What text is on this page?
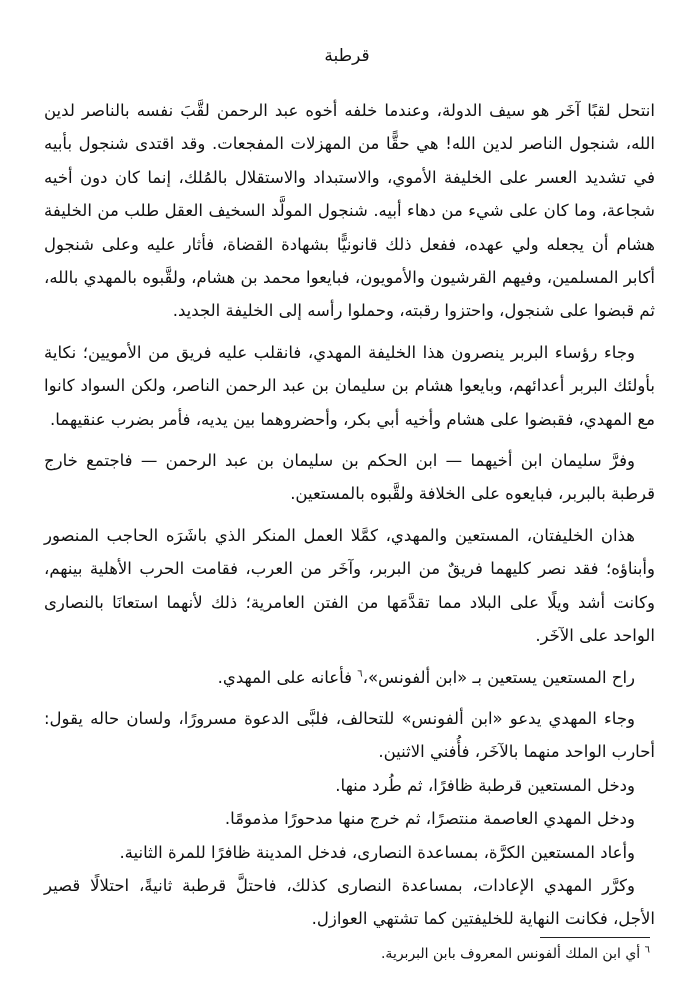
قرطبة

انتحل لقبًا آخَر هو سيف الدولة، وعندما خلفه أخوه عبد الرحمن لقَّبَ نفسه بالناصر لدين الله، شنجول الناصر لدين الله! هي حقًّا من المهزلات المفجعات. وقد اقتدى شنجول بأبيه في تشديد العسر على الخليفة الأموي، والاستبداد والاستقلال بالمُلك، إنما كان دون أخيه شجاعة، وما كان على شيء من دهاء أبيه. شنجول المولَّد السخيف العقل طلب من الخليفة هشام أن يجعله ولي عهده، ففعل ذلك قانونيًّا بشهادة القضاة، فأثار عليه وعلى شنجول أكابر المسلمين، وفيهم القرشيون والأمويون، فبايعوا محمد بن هشام، ولقَّبوه بالمهدي بالله، ثم قبضوا على شنجول، واحتزوا رقبته، وحملوا رأسه إلى الخليفة الجديد.

وجاء رؤساء البربر ينصرون هذا الخليفة المهدي، فانقلب عليه فريق من الأمويين؛ نكاية بأولئك البربر أعدائهم، وبايعوا هشام بن سليمان بن عبد الرحمن الناصر، ولكن السواد كانوا مع المهدي، فقبضوا على هشام وأخيه أبي بكر، وأحضروهما بين يديه، فأمر بضرب عنقيهما.

وفرَّ سليمان ابن أخيهما — ابن الحكم بن سليمان بن عبد الرحمن — فاجتمع خارج قرطبة بالبربر، فبايعوه على الخلافة ولقَّبوه بالمستعين.

هذان الخليفتان، المستعين والمهدي، كمَّلا العمل المنكر الذي باشَرَه الحاجب المنصور وأبناؤه؛ فقد نصر كليهما فريقٌ من البربر، وآخَر من العرب، فقامت الحرب الأهلية بينهم، وكانت أشد ويلًا على البلاد مما تقدَّمَها من الفتن العامرية؛ ذلك لأنهما استعانَا بالنصارى الواحد على الآخَر.

راح المستعين يستعين بـ «ابن ألفونس»،$^٦$ فأعانه على المهدي.

وجاء المهدي يدعو «ابن ألفونس» للتحالف، فلبَّى الدعوة مسرورًا، ولسان حاله يقول: أحارب الواحد منهما بالآخَر، فأُفني الاثنين.

ودخل المستعين قرطبة ظافرًا، ثم طُرد منها.

ودخل المهدي العاصمة منتصرًا، ثم خرج منها مدحورًا مذمومًا.

وأعاد المستعين الكرَّة، بمساعدة النصارى، فدخل المدينة ظافرًا للمرة الثانية.

وكرَّر المهدي الإعادات، بمساعدة النصارى كذلك، فاحتلَّ قرطبة ثانيةً، احتلالًا قصير الأجل، فكانت النهاية للخليفتين كما تشتهي العوازل.

$^٦$ أي ابن الملك ألفونس المعروف بابن البربرية.
